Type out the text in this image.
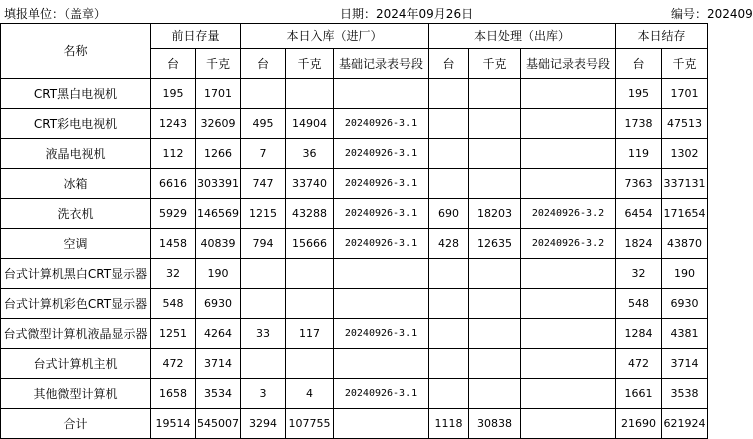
填报单位：（盖章）	日期：2024年09月26日	编号：202409
名称	前日存量		本日入库（进厂）			本日处理（出库）			本日结存	
	台	千克	台	千克	基础记录表号段	台	千克	基础记录表号段	台	千克
CRT黑白电视机	195	1701							195	1701
CRT彩电电视机	1243	32609	495	14904	20240926-3.1				1738	47513
液晶电视机	112	1266	7	36	20240926-3.1				119	1302
冰箱	6616	303391	747	33740	20240926-3.1				7363	337131
洗衣机	5929	146569	1215	43288	20240926-3.1	690	18203	20240926-3.2	6454	171654
空调	1458	40839	794	15666	20240926-3.1	428	12635	20240926-3.2	1824	43870
台式计算机黑白CRT显示器	32	190							32	190
台式计算机彩色CRT显示器	548	6930							548	6930
台式微型计算机液晶显示器	1251	4264	33	117	20240926-3.1				1284	4381
台式计算机主机	472	3714							472	3714
其他微型计算机	1658	3534	3	4	20240926-3.1				1661	3538
合计	19514	545007	3294	107755		1118	30838		21690	621924
